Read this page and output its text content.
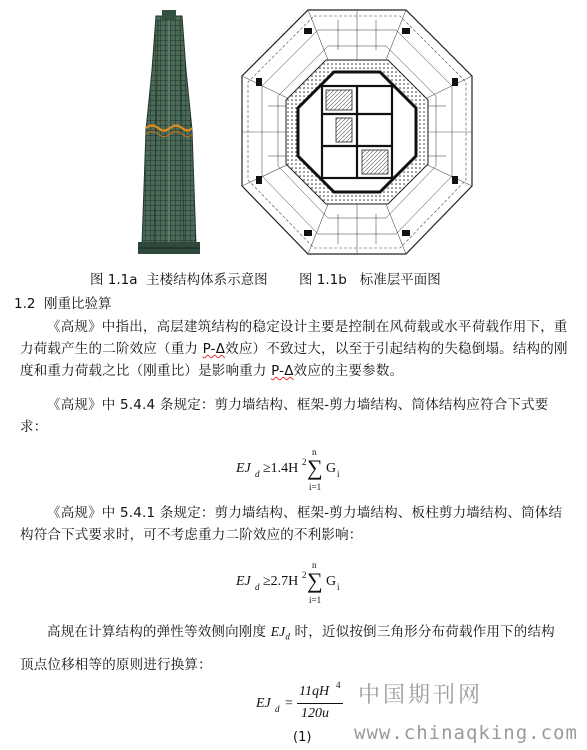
图 1.1a  主楼结构体系示意图 图 1.1b   标准层平面图
1.2  刚重比验算
《高规》中指出，高层建筑结构的稳定设计主要是控制在风荷载或水平荷载作用下，重力荷载产生的二阶效应（重力 P-Δ效应）不致过大，以至于引起结构的失稳倒塌。结构的刚度和重力荷载之比（刚重比）是影响重力 P-Δ效应的主要参数。
《高规》中 5.4.4 条规定：剪力墙结构、框架-剪力墙结构、筒体结构应符合下式要求：
EJ d ≥1.4H 2
n
∑
i=1
G i
《高规》中 5.4.1 条规定：剪力墙结构、框架-剪力墙结构、板柱剪力墙结构、筒体结构符合下式要求时，可不考虑重力二阶效应的不利影响：
EJ d ≥2.7H 2
n
∑
i=1
G i
高规在计算结构的弹性等效侧向刚度 $EJ_d$ 时，近似按倒三角形分布荷载作用下的结构顶点位移相等的原则进行换算：
EJ d =
11qH 4
120u
(1)
中国期刊网
www.chinaqking.com
